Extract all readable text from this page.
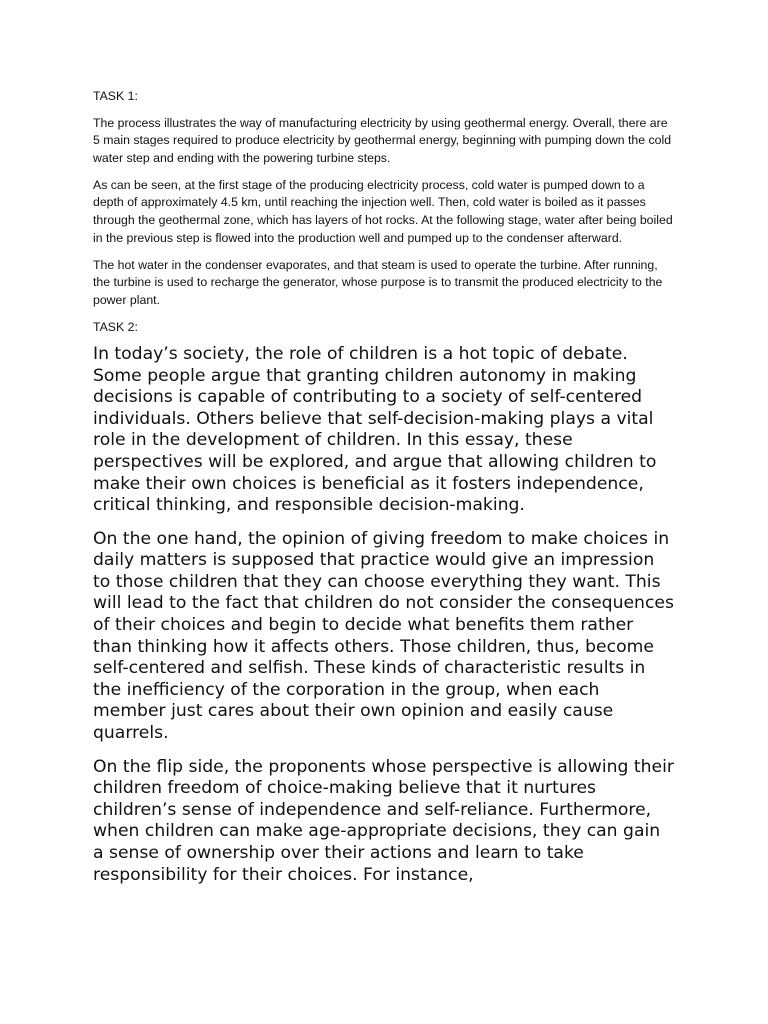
TASK 1:

The process illustrates the way of manufacturing electricity by using geothermal energy. Overall, there are 5 main stages required to produce electricity by geothermal energy, beginning with pumping down the cold water step and ending with the powering turbine steps.

As can be seen, at the first stage of the producing electricity process, cold water is pumped down to a depth of approximately 4.5 km, until reaching the injection well. Then, cold water is boiled as it passes through the geothermal zone, which has layers of hot rocks. At the following stage, water after being boiled in the previous step is flowed into the production well and pumped up to the condenser afterward.

The hot water in the condenser evaporates, and that steam is used to operate the turbine. After running, the turbine is used to recharge the generator, whose purpose is to transmit the produced electricity to the power plant.

TASK 2:

In today’s society, the role of children is a hot topic of debate. Some people argue that granting children autonomy in making decisions is capable of contributing to a society of self-centered individuals. Others believe that self-decision-making plays a vital role in the development of children. In this essay, these perspectives will be explored, and argue that allowing children to make their own choices is beneficial as it fosters independence, critical thinking, and responsible decision-making.

On the one hand, the opinion of giving freedom to make choices in daily matters is supposed that practice would give an impression to those children that they can choose everything they want. This will lead to the fact that children do not consider the consequences of their choices and begin to decide what benefits them rather than thinking how it affects others. Those children, thus, become self-centered and selfish. These kinds of characteristic results in the inefficiency of the corporation in the group, when each member just cares about their own opinion and easily cause quarrels.

On the flip side, the proponents whose perspective is allowing their children freedom of choice-making believe that it nurtures children’s sense of independence and self-reliance. Furthermore, when children can make age-appropriate decisions, they can gain a sense of ownership over their actions and learn to take responsibility for their choices. For instance,
